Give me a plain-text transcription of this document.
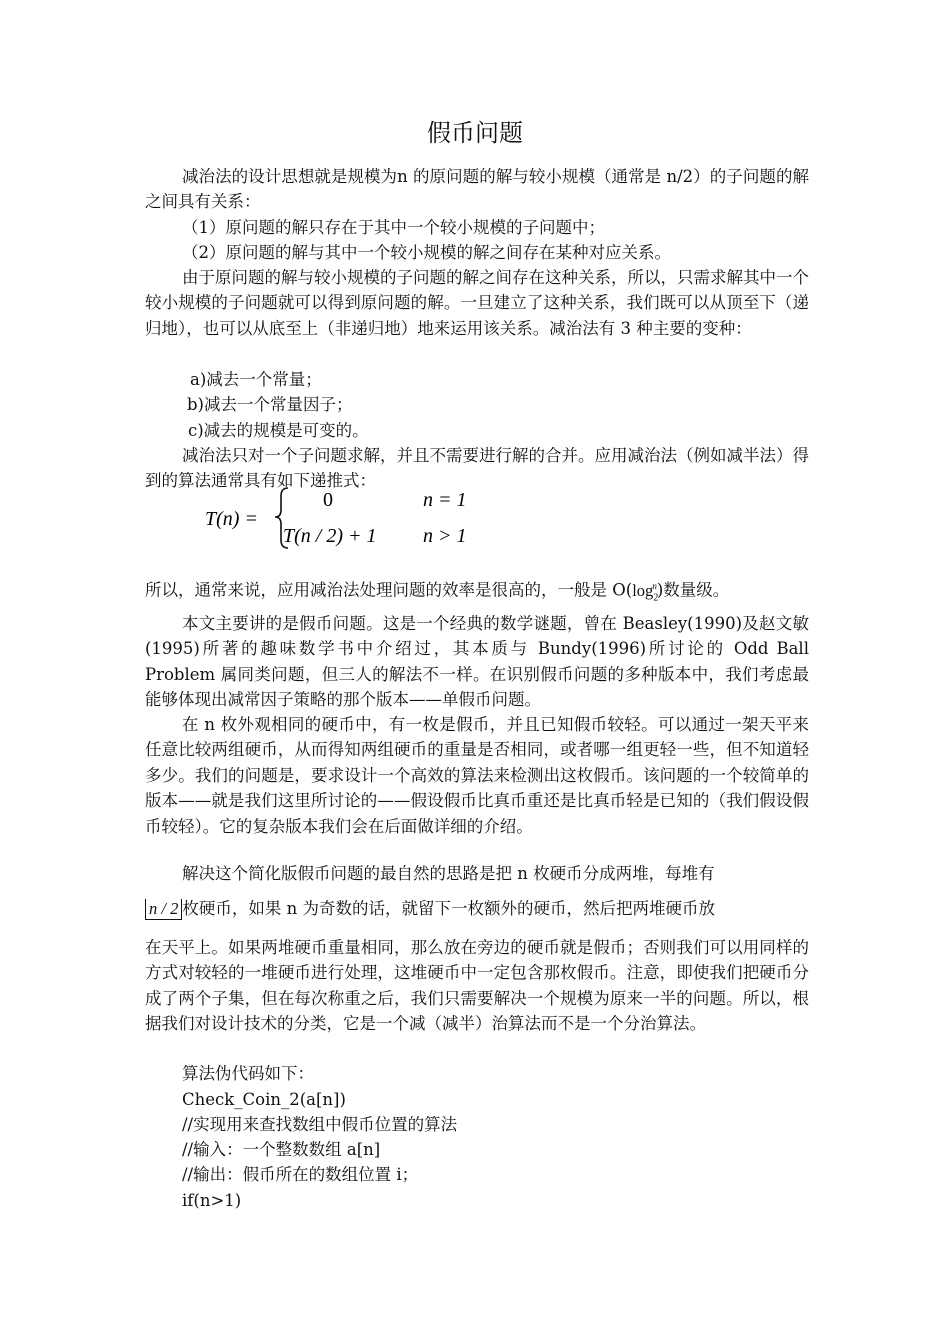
假币问题

减治法的设计思想就是规模为n 的原问题的解与较小规模（通常是 n/2）的子问题的解之间具有关系：

（1）原问题的解只存在于其中一个较小规模的子问题中；
（2）原问题的解与其中一个较小规模的解之间存在某种对应关系。

由于原问题的解与较小规模的子问题的解之间存在这种关系，所以，只需求解其中一个较小规模的子问题就可以得到原问题的解。一旦建立了这种关系，我们既可以从顶至下（递归地），也可以从底至上（非递归地）地来运用该关系。减治法有 3 种主要的变种：

a)减去一个常量；
b)减去一个常量因子；
c)减去的规模是可变的。

减治法只对一个子问题求解，并且不需要进行解的合并。应用减治法（例如减半法）得到的算法通常具有如下递推式：

T(n) =
0	n = 1
T(n / 2) + 1 n > 1
所以，通常来说，应用减治法处理问题的效率是很高的，一般是 $O(\log_2^n)$数量级。

本文主要讲的是假币问题。这是一个经典的数学谜题，曾在 Beasley(1990)及赵文敏(1995)所著的趣味数学书中介绍过，其本质与 Bundy(1996)所讨论的 Odd Ball Problem 属同类问题，但三人的解法不一样。在识别假币问题的多种版本中，我们考虑最能够体现出减常因子策略的那个版本——单假币问题。

在 n 枚外观相同的硬币中，有一枚是假币，并且已知假币较轻。可以通过一架天平来任意比较两组硬币，从而得知两组硬币的重量是否相同，或者哪一组更轻一些，但不知道轻多少。我们的问题是，要求设计一个高效的算法来检测出这枚假币。该问题的一个较简单的版本——就是我们这里所讨论的——假设假币比真币重还是比真币轻是已知的（我们假设假币较轻）。它的复杂版本我们会在后面做详细的介绍。

解决这个简化版假币问题的最自然的思路是把 n 枚硬币分成两堆，每堆有
n / 2 枚硬币，如果 n 为奇数的话，就留下一枚额外的硬币，然后把两堆硬币放

在天平上。如果两堆硬币重量相同，那么放在旁边的硬币就是假币；否则我们可以用同样的方式对较轻的一堆硬币进行处理，这堆硬币中一定包含那枚假币。注意，即使我们把硬币分成了两个子集，但在每次称重之后，我们只需要解决一个规模为原来一半的问题。所以，根据我们对设计技术的分类，它是一个减（减半）治算法而不是一个分治算法。

算法伪代码如下：
Check_Coin_2(a[n])
//实现用来查找数组中假币位置的算法
//输入：一个整数数组 a[n]
//输出：假币所在的数组位置 i；
if(n>1)
